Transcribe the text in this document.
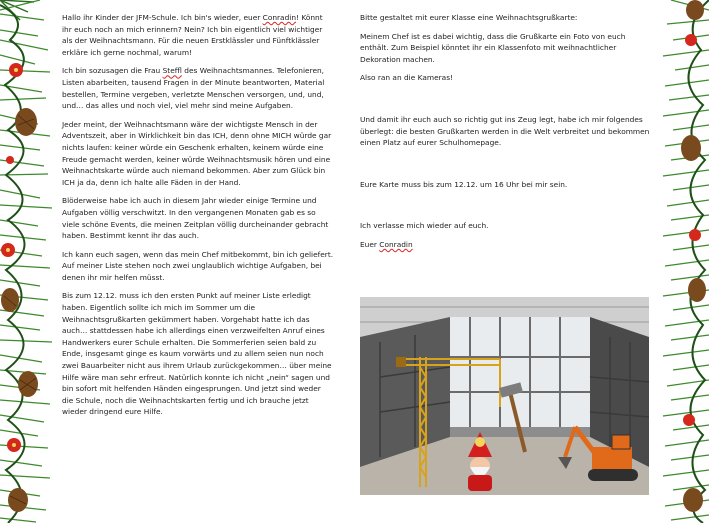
Hallo ihr Kinder der JFM-Schule. Ich bin's wieder, euer Conradin! Könnt ihr euch noch an mich erinnern? Nein? Ich bin eigentlich viel wichtiger als der Weihnachtsmann. Für die neuen Erstklässler und Fünftklässler erkläre ich gerne nochmal, warum!

Ich bin sozusagen die Frau Steffl des Weihnachtsmannes. Telefonieren, Listen abarbeiten, tausend Fragen in der Minute beantworten, Material bestellen, Termine vergeben, verletzte Menschen versorgen, und, und, und… das alles und noch viel, viel mehr sind meine Aufgaben.

Jeder meint, der Weihnachtsmann wäre der wichtigste Mensch in der Adventszeit, aber in Wirklichkeit bin das ICH, denn ohne MICH würde gar nichts laufen: keiner würde ein Geschenk erhalten, keinem würde eine Freude gemacht werden, keiner würde Weihnachtsmusik hören und eine Weihnachtskarte würde auch niemand bekommen. Aber zum Glück bin ICH ja da, denn ich halte alle Fäden in der Hand.

Blöderweise habe ich auch in diesem Jahr wieder einige Termine und Aufgaben völlig verschwitzt. In den vergangenen Monaten gab es so viele schöne Events, die meinen Zeitplan völlig durcheinander gebracht haben. Bestimmt kennt ihr das auch.

Ich kann euch sagen, wenn das mein Chef mitbekommt, bin ich geliefert. Auf meiner Liste stehen noch zwei unglaublich wichtige Aufgaben, bei denen ihr mir helfen müsst.

Bis zum 12.12. muss ich den ersten Punkt auf meiner Liste erledigt haben. Eigentlich sollte ich mich im Sommer um die Weihnachtsgrußkarten gekümmert haben. Vorgehabt hatte ich das auch… stattdessen habe ich allerdings einen verzweifelten Anruf eines Handwerkers eurer Schule erhalten. Die Sommerferien seien bald zu Ende, insgesamt ginge es kaum vorwärts und zu allem seien nun noch zwei Bauarbeiter nicht aus ihrem Urlaub zurückgekommen… über meine Hilfe wäre man sehr erfreut. Natürlich konnte ich nicht „nein“ sagen und bin sofort mit helfenden Händen eingesprungen. Und jetzt sind weder die Schule, noch die Weihnachtskarten fertig und ich brauche jetzt wieder dringend eure Hilfe.

Bitte gestaltet mit eurer Klasse eine Weihnachtsgrußkarte:

Meinem Chef ist es dabei wichtig, dass die Grußkarte ein Foto von euch enthält. Zum Beispiel könntet ihr ein Klassenfoto mit weihnachtlicher Dekoration machen.

Also ran an die Kameras!

Und damit ihr euch auch so richtig gut ins Zeug legt, habe ich mir folgendes überlegt: die besten Grußkarten werden in die Welt verbreitet und bekommen einen Platz auf eurer Schulhomepage.

Eure Karte muss bis zum 12.12. um 16 Uhr bei mir sein.

Ich verlasse mich wieder auf euch.

Euer Conradin
